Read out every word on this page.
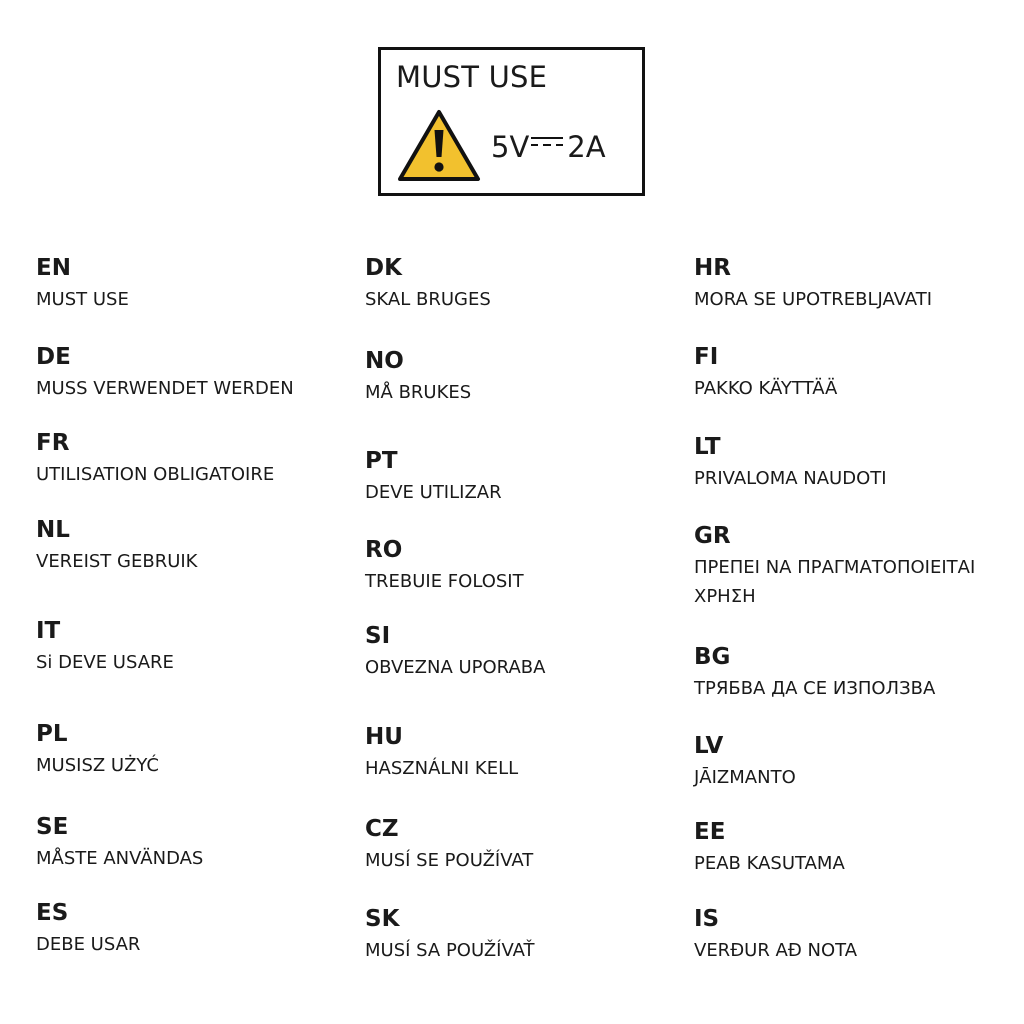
MUST USE
5V 2A
EN
MUST USE
DE
MUSS VERWENDET WERDEN
FR
UTILISATION OBLIGATOIRE
NL
VEREIST GEBRUIK
IT
Si DEVE USARE
PL
MUSISZ UŻYĆ
SE
MÅSTE ANVÄNDAS
ES
DEBE USAR
DK
SKAL BRUGES
NO
MÅ BRUKES
PT
DEVE UTILIZAR
RO
TREBUIE FOLOSIT
SI
OBVEZNA UPORABA
HU
HASZNÁLNI KELL
CZ
MUSÍ SE POUŽÍVAT
SK
MUSÍ SA POUŽÍVAŤ
HR
MORA SE UPOTREBLJAVATI
FI
PAKKO KÄYTTÄÄ
LT
PRIVALOMA NAUDOTI
GR
ΠΡΕΠΕΙ ΝΑ ΠΡΑΓΜΑΤΟΠΟΙΕΙΤΑΙ
ΧΡΗΣΗ
BG
ТРЯБВА ДА СЕ ИЗПОЛЗВА
LV
JĀIZMANTO
EE
PEAB KASUTAMA
IS
VERÐUR AÐ NOTA
